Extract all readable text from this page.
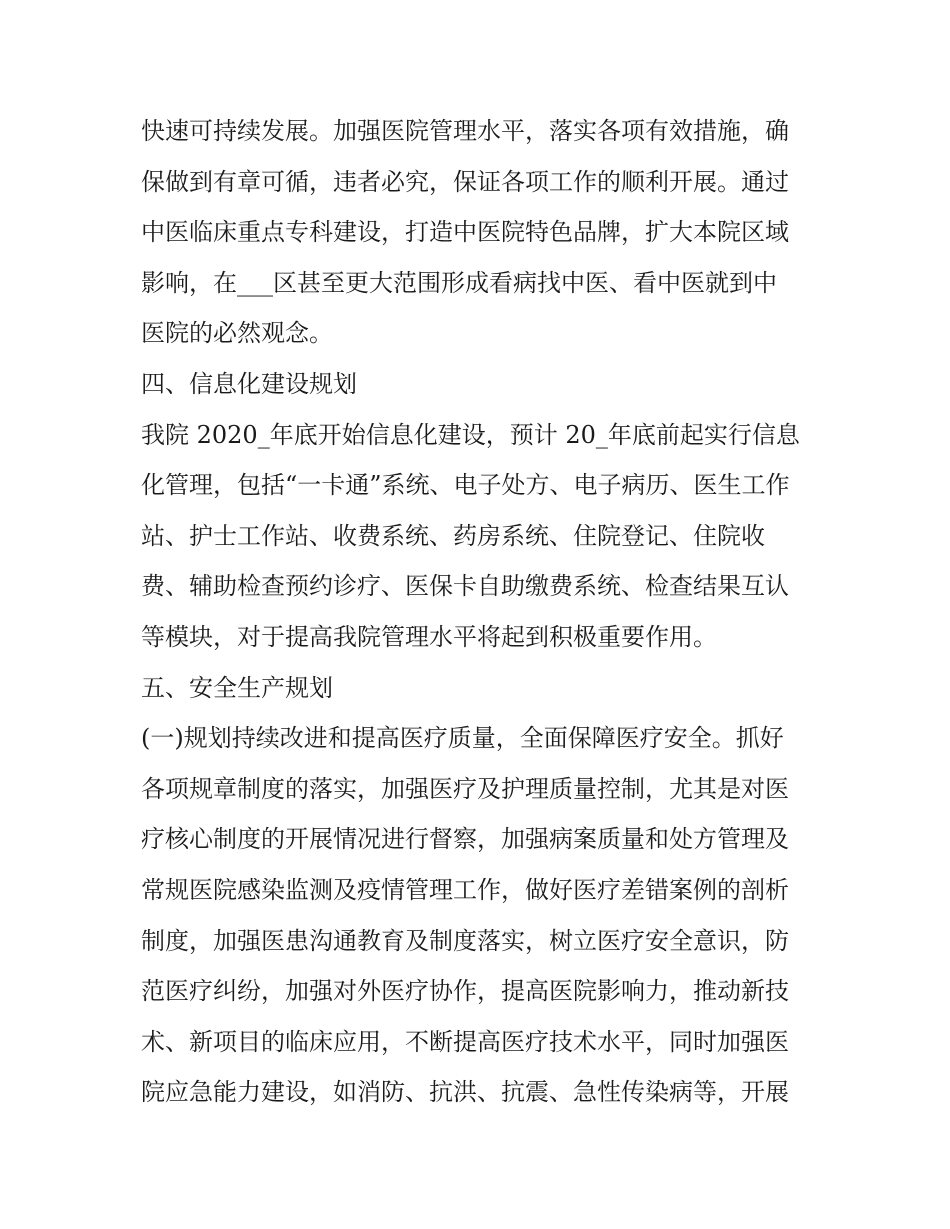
快速可持续发展。加强医院管理水平，落实各项有效措施，确

保做到有章可循，违者必究，保证各项工作的顺利开展。通过

中医临床重点专科建设，打造中医院特色品牌，扩大本院区域

影响，在___区甚至更大范围形成看病找中医、看中医就到中

医院的必然观念。

四、信息化建设规划

我院 2020_年底开始信息化建设，预计 20_年底前起实行信息

化管理，包括“一卡通”系统、电子处方、电子病历、医生工作

站、护士工作站、收费系统、药房系统、住院登记、住院收

费、辅助检查预约诊疗、医保卡自助缴费系统、检查结果互认

等模块，对于提高我院管理水平将起到积极重要作用。

五、安全生产规划

(一)规划持续改进和提高医疗质量，全面保障医疗安全。抓好

各项规章制度的落实，加强医疗及护理质量控制，尤其是对医

疗核心制度的开展情况进行督察，加强病案质量和处方管理及

常规医院感染监测及疫情管理工作，做好医疗差错案例的剖析

制度，加强医患沟通教育及制度落实，树立医疗安全意识，防

范医疗纠纷，加强对外医疗协作，提高医院影响力，推动新技

术、新项目的临床应用，不断提高医疗技术水平，同时加强医

院应急能力建设，如消防、抗洪、抗震、急性传染病等，开展
